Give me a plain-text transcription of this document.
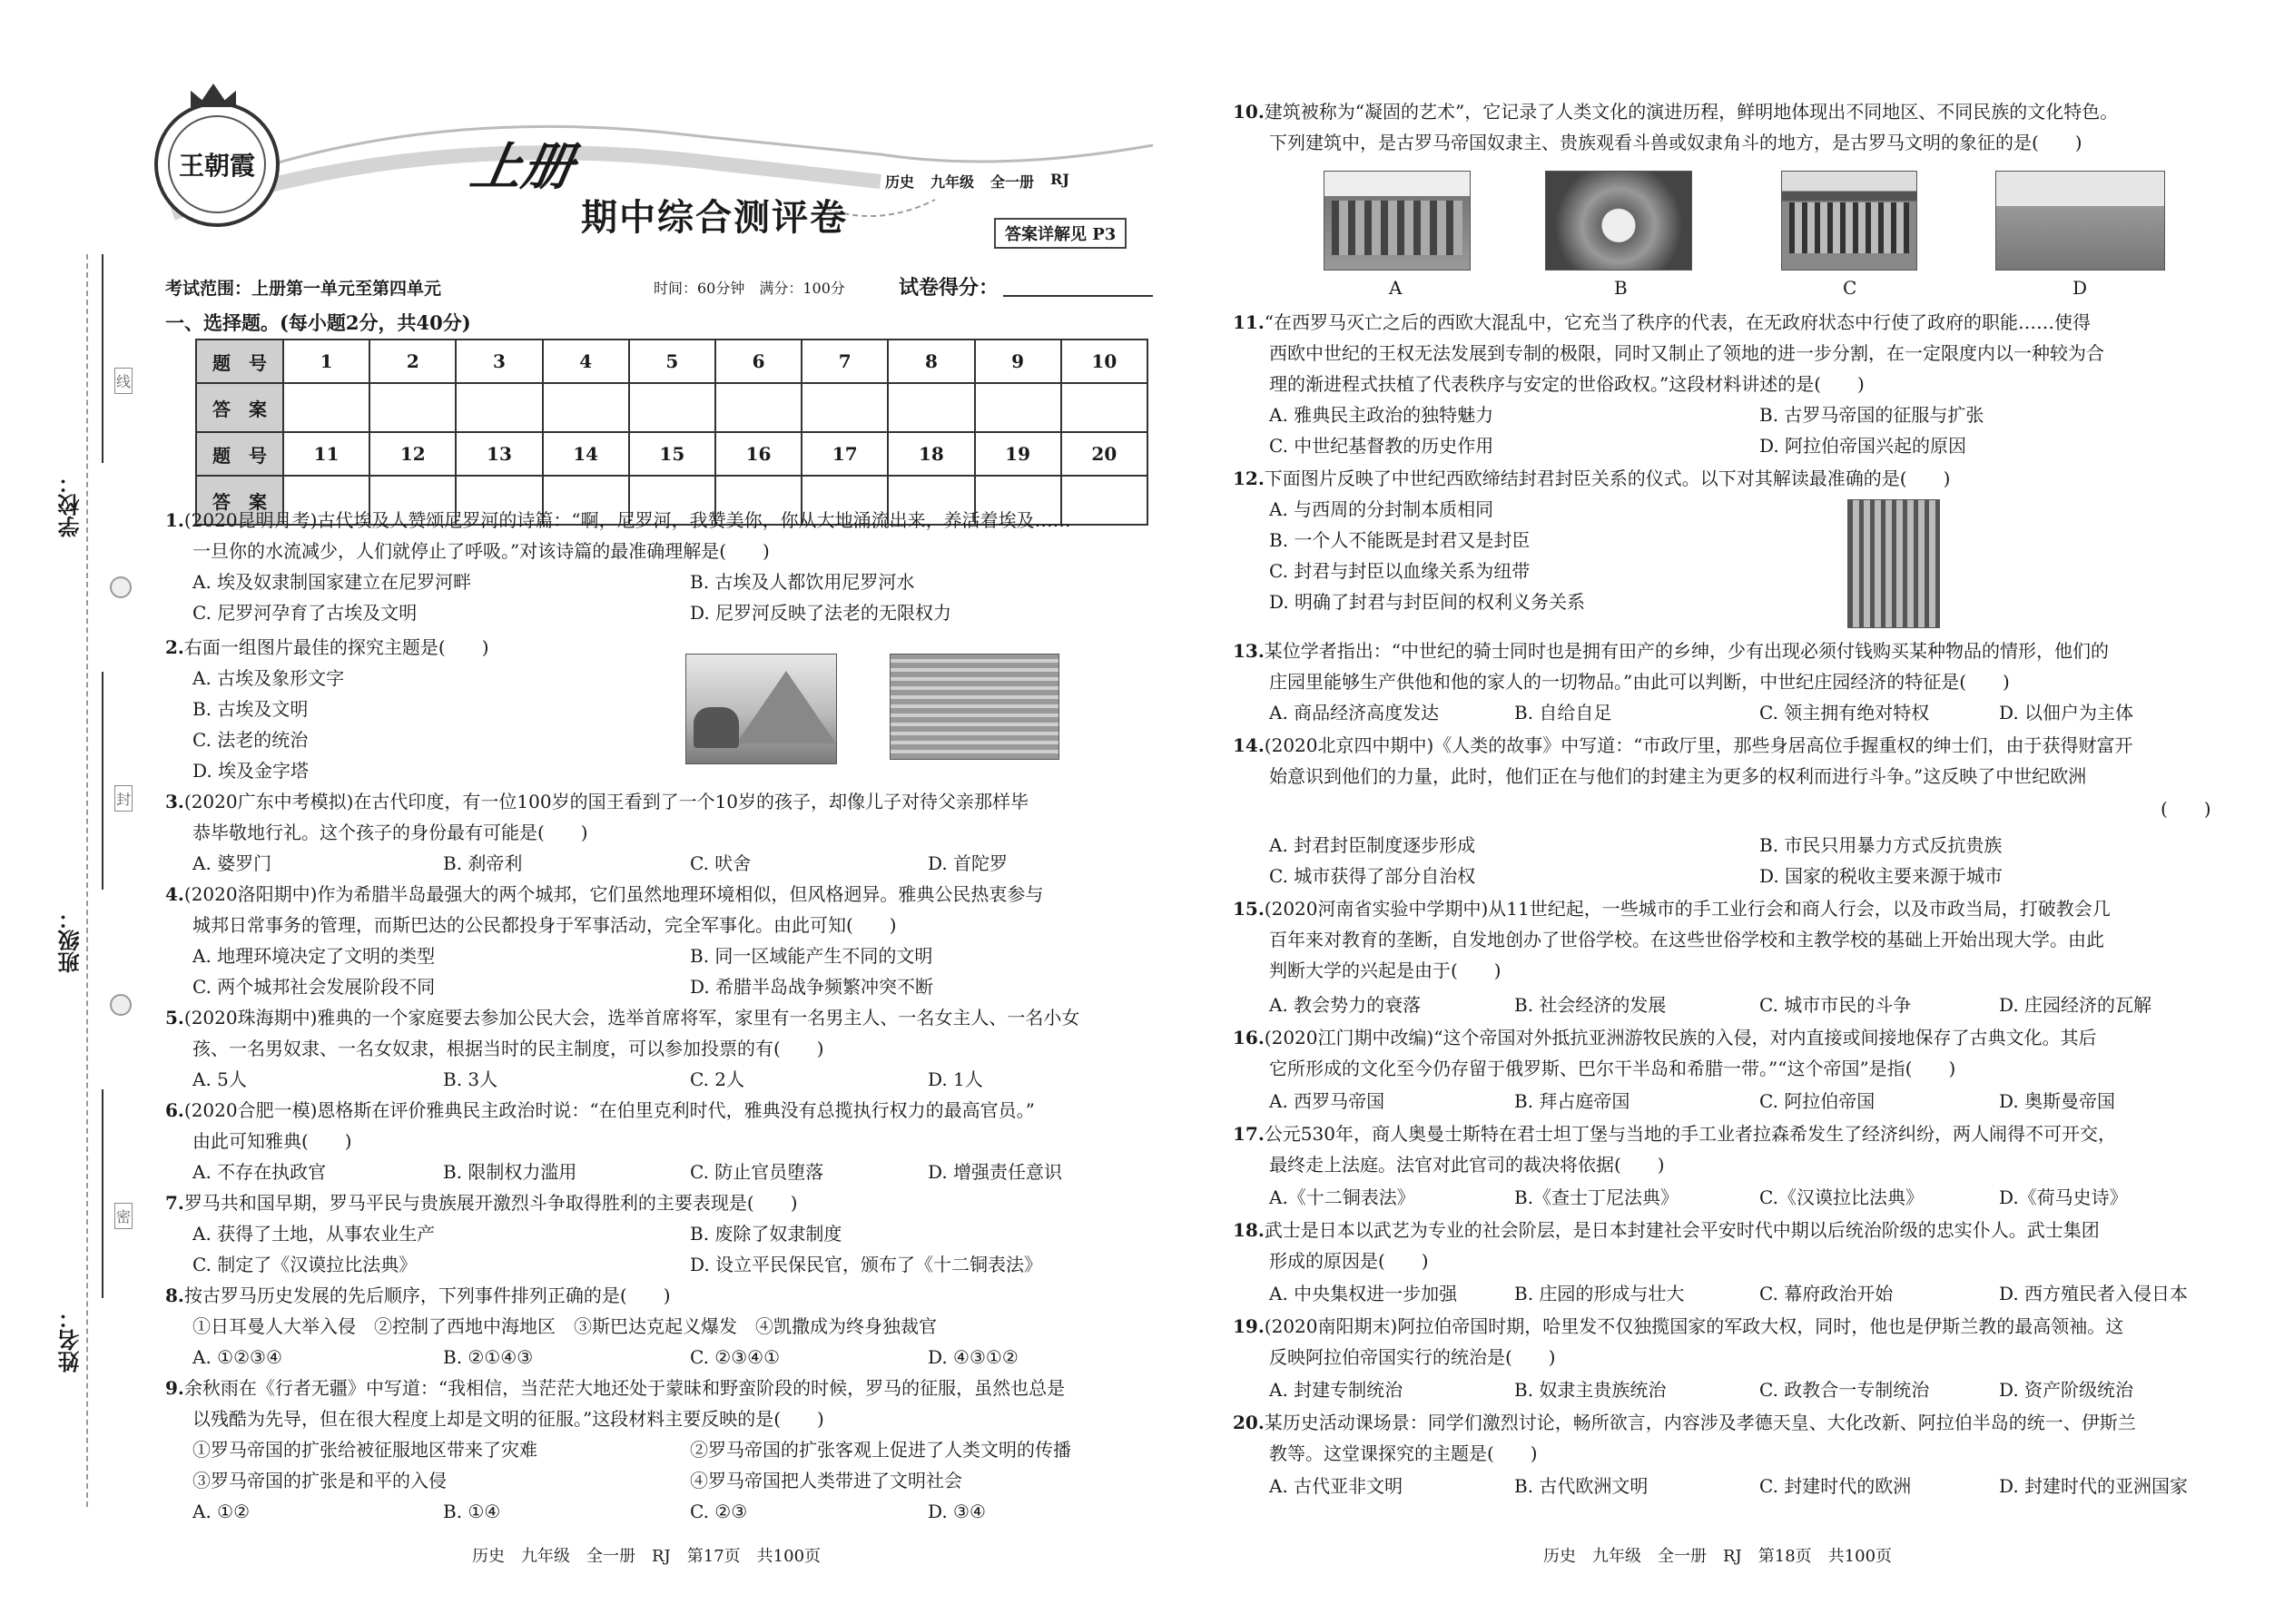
学校：
班级：
姓名：
线
封
密
王朝霞	上册
期中综合测评卷
历史 九年级 全一册 RJ
答案详解见 P3
考试范围：上册第一单元至第四单元	时间：60分钟　满分：100分	试卷得分：
一、选择题。(每小题2分，共40分)
题　号	1	2	3	4	5	6	7	8	9	10
答　案										
题　号	11	12	13	14	15	16	17	18	19	20
答　案										
1.(2020昆明月考)古代埃及人赞颂尼罗河的诗篇：“啊，尼罗河，我赞美你，你从大地涌流出来，养活着埃及……
一旦你的水流减少，人们就停止了呼吸。”对该诗篇的最准确理解是(　　)
A. 埃及奴隶制国家建立在尼罗河畔	B. 古埃及人都饮用尼罗河水
C. 尼罗河孕育了古埃及文明	D. 尼罗河反映了法老的无限权力
2.右面一组图片最佳的探究主题是(　　)
A. 古埃及象形文字
B. 古埃及文明
C. 法老的统治
D. 埃及金字塔
3.(2020广东中考模拟)在古代印度，有一位100岁的国王看到了一个10岁的孩子，却像儿子对待父亲那样毕
恭毕敬地行礼。这个孩子的身份最有可能是(　　)
A. 婆罗门	B. 刹帝利	C. 吠舍	D. 首陀罗
4.(2020洛阳期中)作为希腊半岛最强大的两个城邦，它们虽然地理环境相似，但风格迥异。雅典公民热衷参与
城邦日常事务的管理，而斯巴达的公民都投身于军事活动，完全军事化。由此可知(　　)
A. 地理环境决定了文明的类型	B. 同一区域能产生不同的文明
C. 两个城邦社会发展阶段不同	D. 希腊半岛战争频繁冲突不断
5.(2020珠海期中)雅典的一个家庭要去参加公民大会，选举首席将军，家里有一名男主人、一名女主人、一名小女
孩、一名男奴隶、一名女奴隶，根据当时的民主制度，可以参加投票的有(　　)
A. 5人	B. 3人	C. 2人	D. 1人
6.(2020合肥一模)恩格斯在评价雅典民主政治时说：“在伯里克利时代，雅典没有总揽执行权力的最高官员。”
由此可知雅典(　　)
A. 不存在执政官	B. 限制权力滥用	C. 防止官员堕落	D. 增强责任意识
7.罗马共和国早期，罗马平民与贵族展开激烈斗争取得胜利的主要表现是(　　)
A. 获得了土地，从事农业生产	B. 废除了奴隶制度
C. 制定了《汉谟拉比法典》	D. 设立平民保民官，颁布了《十二铜表法》
8.按古罗马历史发展的先后顺序，下列事件排列正确的是(　　)
①日耳曼人大举入侵　②控制了西地中海地区　③斯巴达克起义爆发　④凯撒成为终身独裁官
A. ①②③④	B. ②①④③	C. ②③④①	D. ④③①②
9.余秋雨在《行者无疆》中写道：“我相信，当茫茫大地还处于蒙昧和野蛮阶段的时候，罗马的征服，虽然也总是
以残酷为先导，但在很大程度上却是文明的征服。”这段材料主要反映的是(　　)
①罗马帝国的扩张给被征服地区带来了灾难	②罗马帝国的扩张客观上促进了人类文明的传播
③罗马帝国的扩张是和平的入侵	④罗马帝国把人类带进了文明社会
A. ①②	B. ①④	C. ②③	D. ③④
历史　九年级　全一册　RJ　第17页　共100页
10.建筑被称为“凝固的艺术”，它记录了人类文化的演进历程，鲜明地体现出不同地区、不同民族的文化特色。
下列建筑中，是古罗马帝国奴隶主、贵族观看斗兽或奴隶角斗的地方，是古罗马文明的象征的是(　　)
A	B	C	D
11.“在西罗马灭亡之后的西欧大混乱中，它充当了秩序的代表，在无政府状态中行使了政府的职能……使得
西欧中世纪的王权无法发展到专制的极限，同时又制止了领地的进一步分割，在一定限度内以一种较为合
理的渐进程式扶植了代表秩序与安定的世俗政权。”这段材料讲述的是(　　)
A. 雅典民主政治的独特魅力	B. 古罗马帝国的征服与扩张
C. 中世纪基督教的历史作用	D. 阿拉伯帝国兴起的原因
12.下面图片反映了中世纪西欧缔结封君封臣关系的仪式。以下对其解读最准确的是(　　)
A. 与西周的分封制本质相同
B. 一个人不能既是封君又是封臣
C. 封君与封臣以血缘关系为纽带
D. 明确了封君与封臣间的权利义务关系
13.某位学者指出：“中世纪的骑士同时也是拥有田产的乡绅，少有出现必须付钱购买某种物品的情形，他们的
庄园里能够生产供他和他的家人的一切物品。”由此可以判断，中世纪庄园经济的特征是(　　)
A. 商品经济高度发达	B. 自给自足	C. 领主拥有绝对特权	D. 以佃户为主体
14.(2020北京四中期中)《人类的故事》中写道：“市政厅里，那些身居高位手握重权的绅士们，由于获得财富开
始意识到他们的力量，此时，他们正在与他们的封建主为更多的权利而进行斗争。”这反映了中世纪欧洲
(　　)
A. 封君封臣制度逐步形成	B. 市民只用暴力方式反抗贵族
C. 城市获得了部分自治权	D. 国家的税收主要来源于城市
15.(2020河南省实验中学期中)从11世纪起，一些城市的手工业行会和商人行会，以及市政当局，打破教会几
百年来对教育的垄断，自发地创办了世俗学校。在这些世俗学校和主教学校的基础上开始出现大学。由此
判断大学的兴起是由于(　　)
A. 教会势力的衰落	B. 社会经济的发展	C. 城市市民的斗争	D. 庄园经济的瓦解
16.(2020江门期中改编)“这个帝国对外抵抗亚洲游牧民族的入侵，对内直接或间接地保存了古典文化。其后
它所形成的文化至今仍存留于俄罗斯、巴尔干半岛和希腊一带。”“这个帝国”是指(　　)
A. 西罗马帝国	B. 拜占庭帝国	C. 阿拉伯帝国	D. 奥斯曼帝国
17.公元530年，商人奥曼士斯特在君士坦丁堡与当地的手工业者拉森希发生了经济纠纷，两人闹得不可开交，
最终走上法庭。法官对此官司的裁决将依据(　　)
A.《十二铜表法》	B.《查士丁尼法典》	C.《汉谟拉比法典》	D.《荷马史诗》
18.武士是日本以武艺为专业的社会阶层，是日本封建社会平安时代中期以后统治阶级的忠实仆人。武士集团
形成的原因是(　　)
A. 中央集权进一步加强	B. 庄园的形成与壮大	C. 幕府政治开始	D. 西方殖民者入侵日本
19.(2020南阳期末)阿拉伯帝国时期，哈里发不仅独揽国家的军政大权，同时，他也是伊斯兰教的最高领袖。这
反映阿拉伯帝国实行的统治是(　　)
A. 封建专制统治	B. 奴隶主贵族统治	C. 政教合一专制统治	D. 资产阶级统治
20.某历史活动课场景：同学们激烈讨论，畅所欲言，内容涉及孝德天皇、大化改新、阿拉伯半岛的统一、伊斯兰
教等。这堂课探究的主题是(　　)
A. 古代亚非文明	B. 古代欧洲文明	C. 封建时代的欧洲	D. 封建时代的亚洲国家
历史　九年级　全一册　RJ　第18页　共100页
